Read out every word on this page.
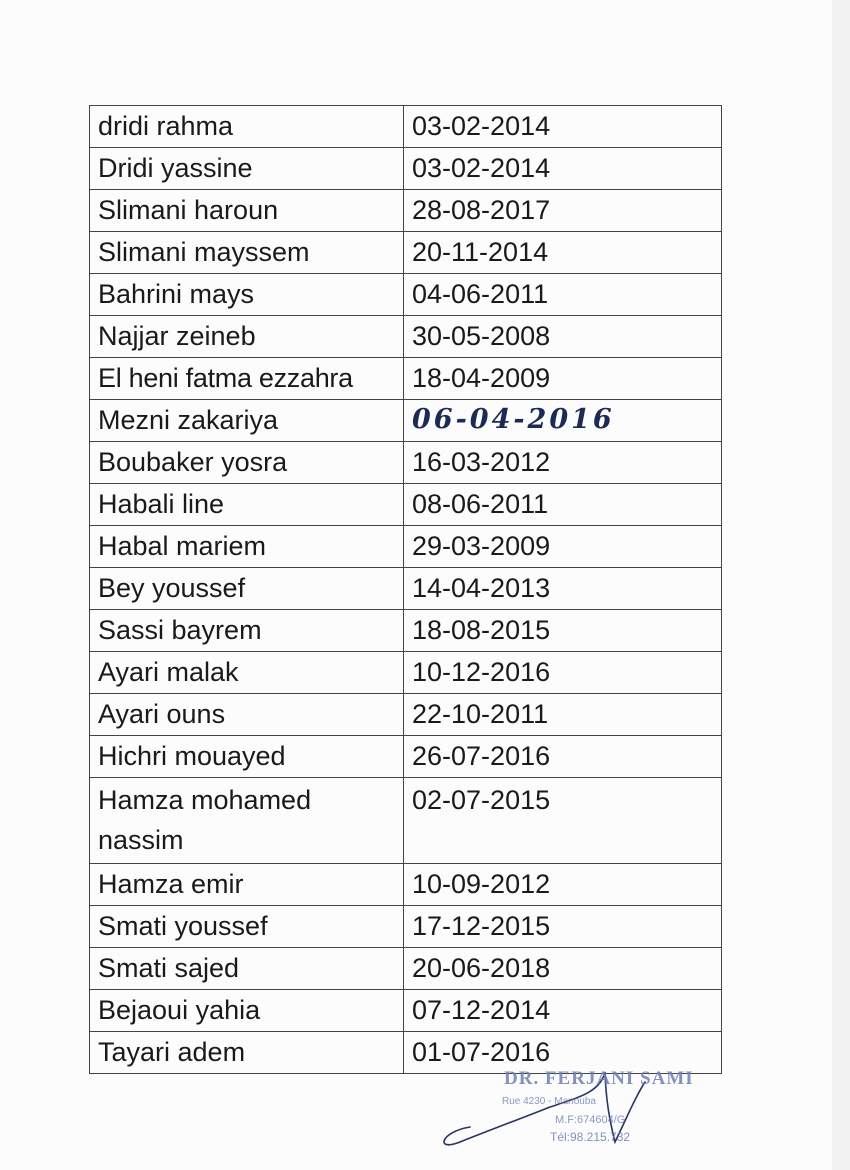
dridi rahma	03-02-2014
Dridi yassine	03-02-2014
Slimani haroun	28-08-2017
Slimani mayssem	20-11-2014
Bahrini mays	04-06-2011
Najjar zeineb	30-05-2008
El heni fatma ezzahra	18-04-2009
Mezni zakariya	06-04-2016
Boubaker yosra	16-03-2012
Habali line	08-06-2011
Habal mariem	29-03-2009
Bey youssef	14-04-2013
Sassi bayrem	18-08-2015
Ayari malak	10-12-2016
Ayari ouns	22-10-2011
Hichri mouayed	26-07-2016
Hamza mohamed nassim	02-07-2015
Hamza emir	10-09-2012
Smati youssef	17-12-2015
Smati sajed	20-06-2018
Bejaoui yahia	07-12-2014
Tayari adem	01-07-2016
DR. FERJANI SAMI
Rue 4230 - Manouba
M.F:674604/G
Tél:98.215.732
